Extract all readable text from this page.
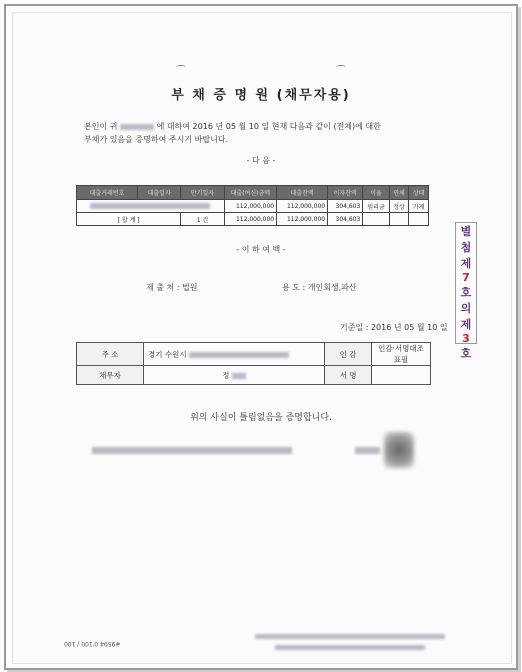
⌒	⌒
부 채 증 명 원 (채무자용)
본인이 귀	에 대하여 2016 년 05 월 10 일 현재 다음과 같이 (전체)에 대한
부채가 있음을 증명하여 주시기 바랍니다.
- 다 음 -
대출거래번호	대출일자	만기일자	대출(여신)금액	대출잔액	이자잔액	이율	연체	상태
			112,000,000	112,000,000	304,603	원리금	정상	가계
[ 합 계 ]		1 건	112,000,000	112,000,000	304,603			
- 이 하 여 백 -
제 출 처 : 법원	용 도 : 개인회생,파산
기준일 : 2016 년 05 월 10 일
주 소	경기 수원시	인 감	인감·서명대조표필
채무자	정	서 명	
위의 사실이 틀림없음을 증명합니다.
별
첨
제
7
호
의
제
3
호
#9594 0'100 / 100
